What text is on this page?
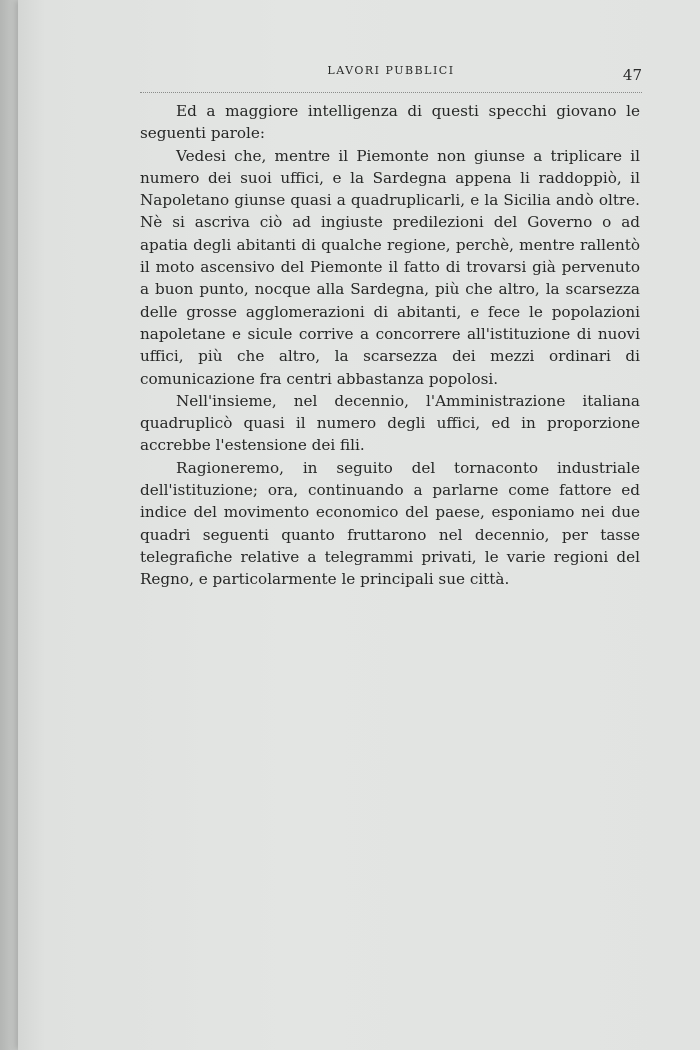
LAVORI PUBBLICI	47

Ed a maggiore intelligenza di questi specchi giovano le seguenti parole:

Vedesi che, mentre il Piemonte non giunse a triplicare il numero dei suoi uffici, e la Sardegna appena li raddoppiò, il Napoletano giunse quasi a quadruplicarli, e la Sicilia andò oltre. Nè si ascriva ciò ad ingiuste predilezioni del Governo o ad apatia degli abitanti di qualche regione, perchè, mentre rallentò il moto ascensivo del Piemonte il fatto di trovarsi già pervenuto a buon punto, nocque alla Sardegna, più che altro, la scarsezza delle grosse agglomerazioni di abitanti, e fece le popolazioni napoletane e sicule corrive a concorrere all'istituzione di nuovi uffici, più che altro, la scarsezza dei mezzi ordinari di comunicazione fra centri abbastanza popolosi.

Nell'insieme, nel decennio, l'Amministrazione italiana quadruplicò quasi il numero degli uffici, ed in proporzione accrebbe l'estensione dei fili.

Ragioneremo, in seguito del tornaconto industriale dell'istituzione; ora, continuando a parlarne come fattore ed indice del movimento economico del paese, esponiamo nei due quadri seguenti quanto fruttarono nel decennio, per tasse telegrafiche relative a telegrammi privati, le varie regioni del Regno, e particolarmente le principali sue città.
